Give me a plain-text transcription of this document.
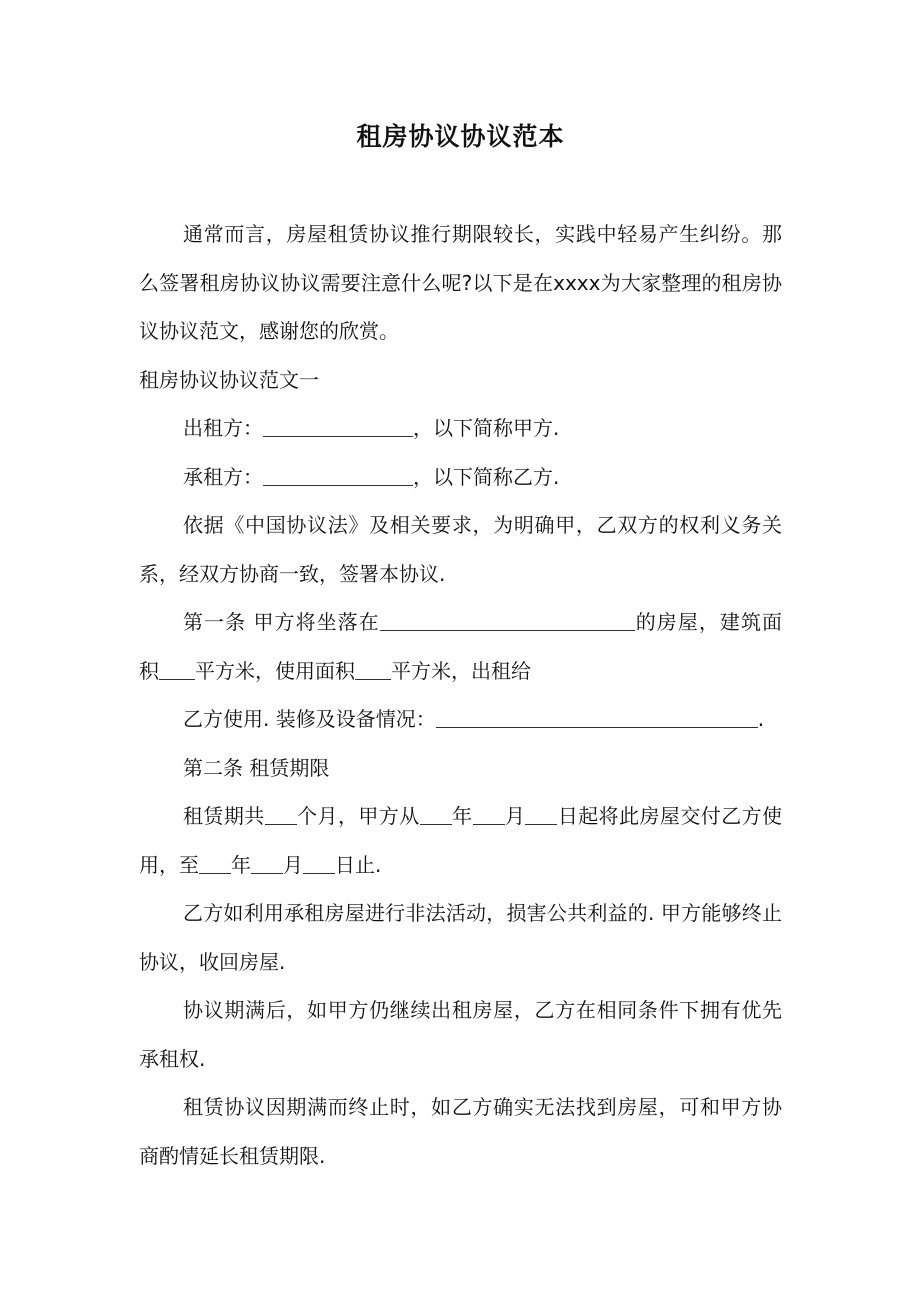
租房协议协议范本

通常而言，房屋租赁协议推行期限较长，实践中轻易产生纠纷。那么签署租房协议协议需要注意什么呢?以下是在xxxx为大家整理的租房协议协议范文，感谢您的欣赏。

租房协议协议范文一

出租方：	，以下简称甲方.

承租方：	，以下简称乙方.

依据《中国协议法》及相关要求，为明确甲，乙双方的权利义务关系，经双方协商一致，签署本协议.

第一条 甲方将坐落在	的房屋，建筑面积 平方米，使用面积 平方米，出租给

乙方使用. 装修及设备情况：	.

第二条 租赁期限

租赁期共 个月，甲方从 年 月 日起将此房屋交付乙方使用，至 年 月 日止.

乙方如利用承租房屋进行非法活动，损害公共利益的. 甲方能够终止协议，收回房屋.

协议期满后，如甲方仍继续出租房屋，乙方在相同条件下拥有优先承租权.

租赁协议因期满而终止时，如乙方确实无法找到房屋，可和甲方协商酌情延长租赁期限.
